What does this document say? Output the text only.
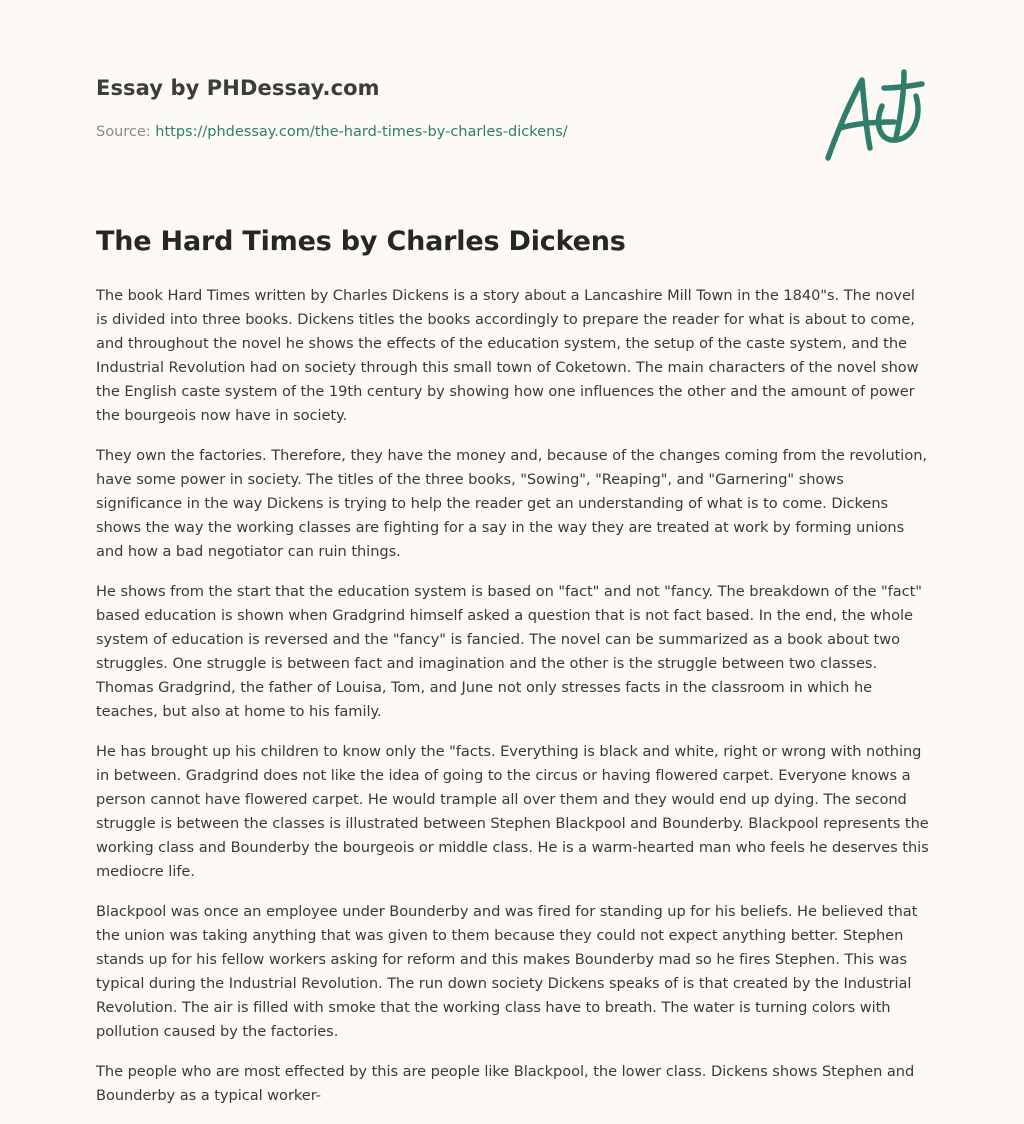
Essay by PHDessay.com

Source: https://phdessay.com/the-hard-times-by-charles-dickens/

The Hard Times by Charles Dickens

The book Hard Times written by Charles Dickens is a story about a Lancashire Mill Town in the 1840"s. The novel is divided into three books. Dickens titles the books accordingly to prepare the reader for what is about to come, and throughout the novel he shows the effects of the education system, the setup of the caste system, and the Industrial Revolution had on society through this small town of Coketown. The main characters of the novel show the English caste system of the 19th century by showing how one influences the other and the amount of power the bourgeois now have in society.

They own the factories. Therefore, they have the money and, because of the changes coming from the revolution, have some power in society. The titles of the three books, "Sowing", "Reaping", and "Garnering" shows significance in the way Dickens is trying to help the reader get an understanding of what is to come. Dickens shows the way the working classes are fighting for a say in the way they are treated at work by forming unions and how a bad negotiator can ruin things.

He shows from the start that the education system is based on "fact" and not "fancy. The breakdown of the "fact" based education is shown when Gradgrind himself asked a question that is not fact based. In the end, the whole system of education is reversed and the "fancy" is fancied. The novel can be summarized as a book about two struggles. One struggle is between fact and imagination and the other is the struggle between two classes. Thomas Gradgrind, the father of Louisa, Tom, and June not only stresses facts in the classroom in which he teaches, but also at home to his family.

He has brought up his children to know only the "facts. Everything is black and white, right or wrong with nothing in between. Gradgrind does not like the idea of going to the circus or having flowered carpet. Everyone knows a person cannot have flowered carpet. He would trample all over them and they would end up dying. The second struggle is between the classes is illustrated between Stephen Blackpool and Bounderby. Blackpool represents the working class and Bounderby the bourgeois or middle class. He is a warm-hearted man who feels he deserves this mediocre life.

Blackpool was once an employee under Bounderby and was fired for standing up for his beliefs. He believed that the union was taking anything that was given to them because they could not expect anything better. Stephen stands up for his fellow workers asking for reform and this makes Bounderby mad so he fires Stephen. This was typical during the Industrial Revolution. The run down society Dickens speaks of is that created by the Industrial Revolution. The air is filled with smoke that the working class have to breath. The water is turning colors with pollution caused by the factories.

The people who are most effected by this are people like Blackpool, the lower class. Dickens shows Stephen and Bounderby as a typical worker-
